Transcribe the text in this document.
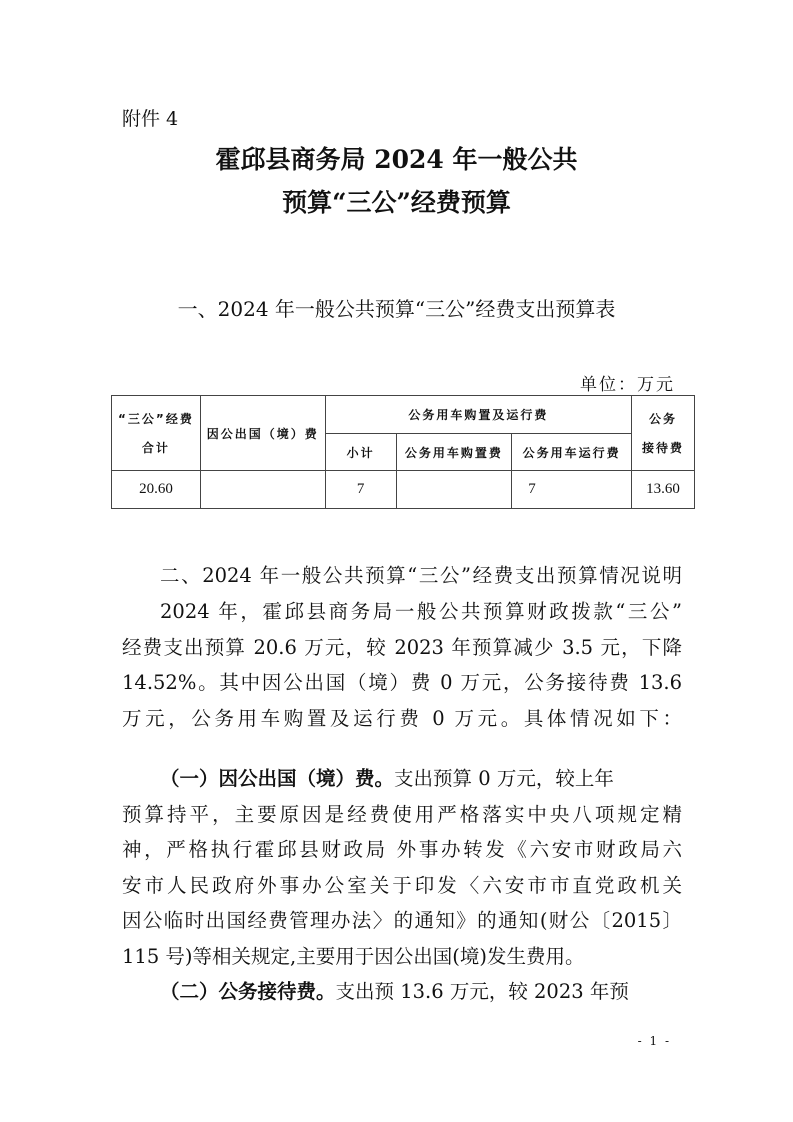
附件 4
霍邱县商务局 2024 年一般公共
预算“三公”经费预算
一、2024 年一般公共预算“三公”经费支出预算表
单位：万元
“三公”经费
合计	因公出国（境）费	公务用车购置及运行费			公务
接待费

		小计	公务用车购置费	公务用车运行费	
20.60		7		7	13.60
二、2024 年一般公共预算“三公”经费支出预算情况说明
2024 年，霍邱县商务局一般公共预算财政拨款“三公”
经费支出预算 20.6 万元，较 2023 年预算减少 3.5 元，下降
14.52%。其中因公出国（境）费 0 万元，公务接待费 13.6
万元，公务用车购置及运行费 0 万元。具体情况如下：
（一）因公出国（境）费。支出预算 0 万元，较上年
预算持平，主要原因是经费使用严格落实中央八项规定精
神，严格执行霍邱县财政局 外事办转发《六安市财政局六
安市人民政府外事办公室关于印发〈六安市市直党政机关
因公临时出国经费管理办法〉的通知》的通知(财公〔2015〕
115 号)等相关规定,主要用于因公出国(境)发生费用。
（二）公务接待费。支出预 13.6 万元，较 2023 年预
- 1 -
